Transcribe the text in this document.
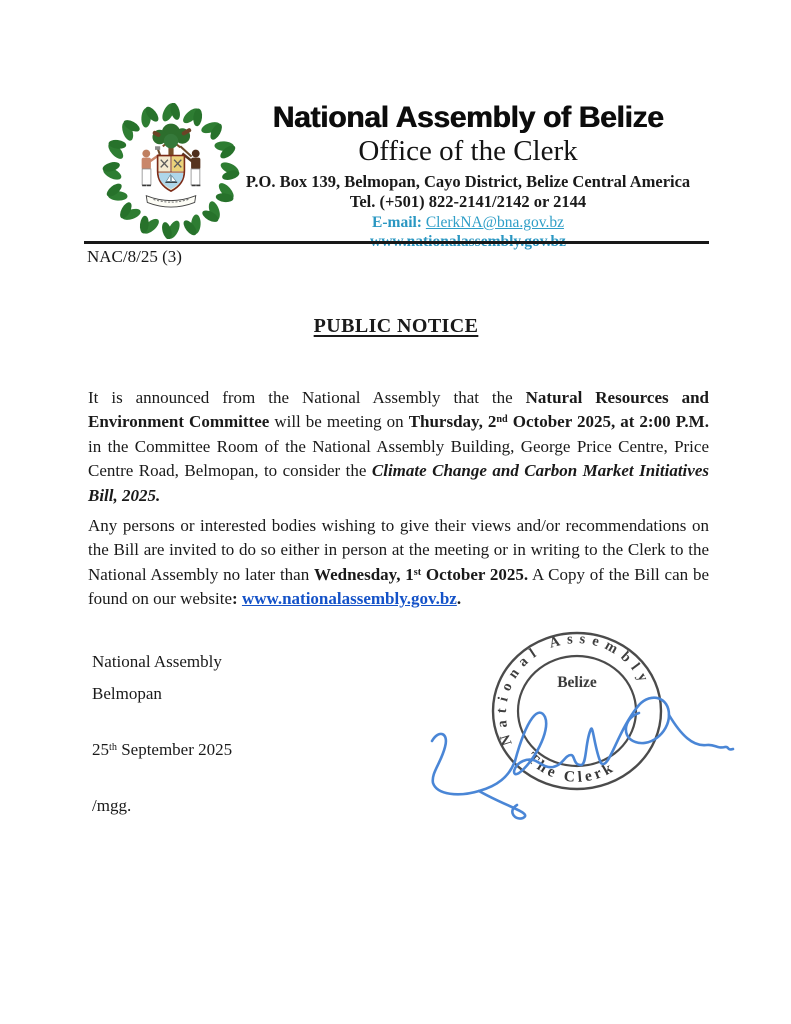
National Assembly of Belize
Office of the Clerk
P.O. Box 139, Belmopan, Cayo District, Belize Central America
Tel. (+501) 822-2141/2142 or 2144
E-mail: ClerkNA@bna.gov.bz
NAC/8/25 (3)
PUBLIC NOTICE

It is announced from the National Assembly that the Natural Resources and Environment Committee will be meeting on Thursday, 2nd October 2025, at 2:00 P.M. in the Committee Room of the National Assembly Building, George Price Centre, Price Centre Road, Belmopan, to consider the Climate Change and Carbon Market Initiatives Bill, 2025.

Any persons or interested bodies wishing to give their views and/or recommendations on the Bill are invited to do so either in person at the meeting or in writing to the Clerk to the National Assembly no later than Wednesday, 1st October 2025. A Copy of the Bill can be found on our website: www.nationalassembly.gov.bz.

National Assembly
Belmopan
25th September 2025
/mgg.
National Assembly
Belize
The Clerk
